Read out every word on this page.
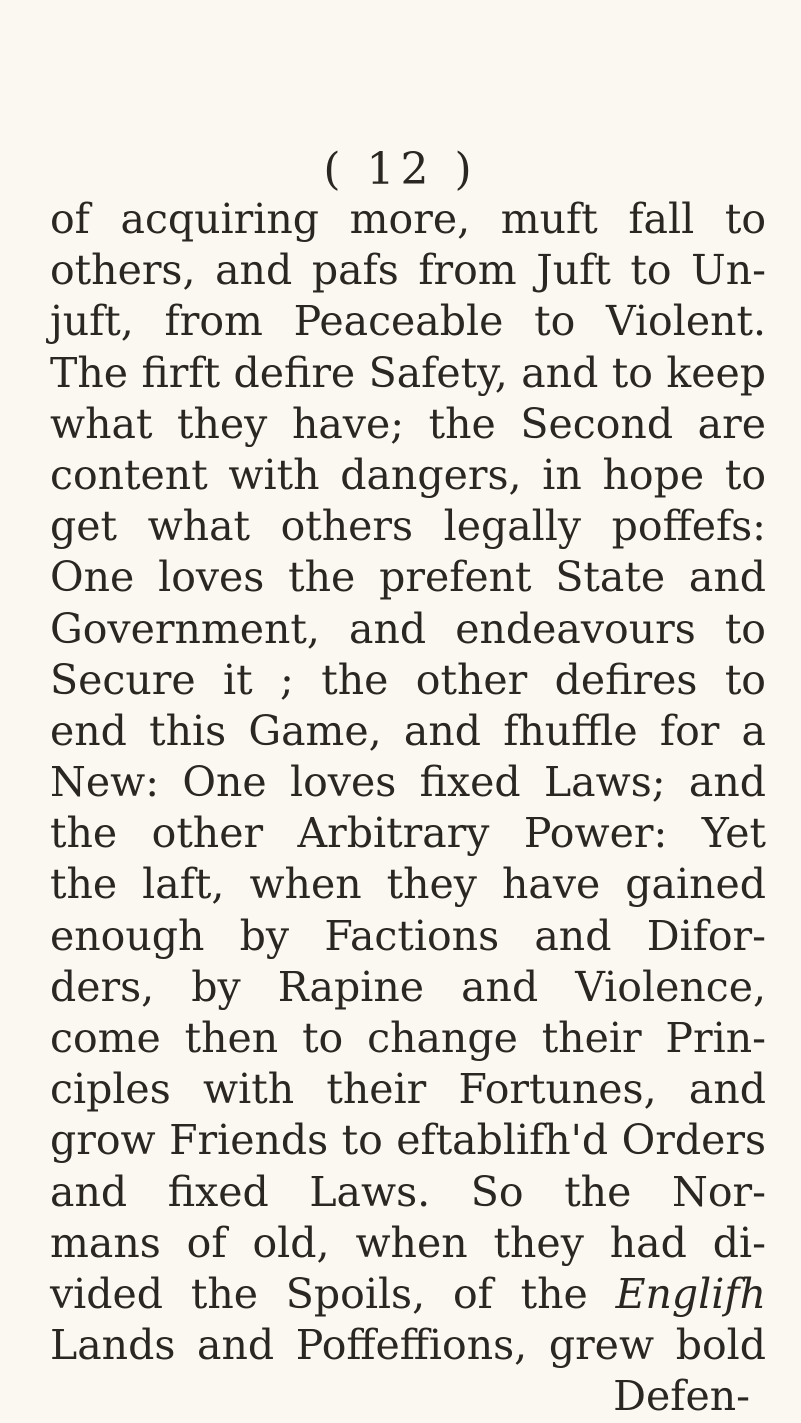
( 12 )
of acquiring more, muft fall to
others, and pafs from Juft to Un-
juft, from Peaceable to Violent.
The firft defire Safety, and to keep
what they have; the Second are
content with dangers, in hope to
get what others legally poffefs:
One loves the prefent State and
Government, and endeavours to
Secure it ; the other defires to
end this Game, and fhuffle for a
New: One loves fixed Laws; and
the other Arbitrary Power: Yet
the laft, when they have gained
enough by Factions and Difor-
ders, by Rapine and Violence,
come then to change their Prin-
ciples with their Fortunes, and
grow Friends to eftablifh'd Orders
and fixed Laws. So the Nor-
mans of old, when they had di-
vided the Spoils, of the Englifh
Lands and Poffeffions, grew bold
Defen-
